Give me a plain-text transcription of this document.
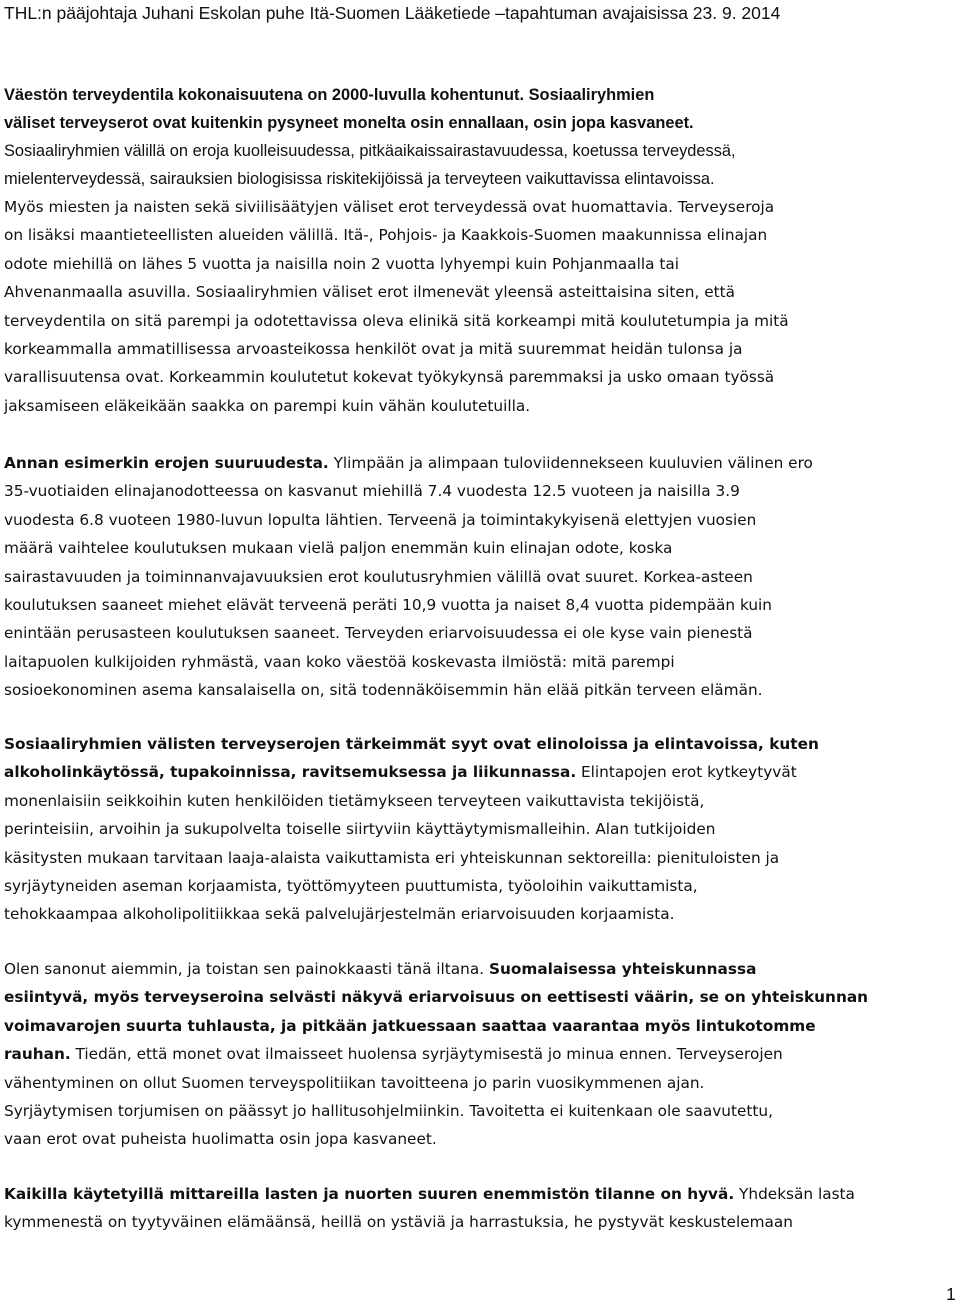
THL:n pääjohtaja Juhani Eskolan puhe Itä-Suomen Lääketiede –tapahtuman avajaisissa 23. 9. 2014
Väestön terveydentila kokonaisuutena on 2000-luvulla kohentunut. Sosiaaliryhmien
väliset terveyserot ovat kuitenkin pysyneet monelta osin ennallaan, osin jopa kasvaneet.
Sosiaaliryhmien välillä on eroja kuolleisuudessa, pitkäaikaissairastavuudessa, koetussa terveydessä,
mielenterveydessä, sairauksien biologisissa riskitekijöissä ja terveyteen vaikuttavissa elintavoissa.
Myös miesten ja naisten sekä siviilisäätyjen väliset erot terveydessä ovat huomattavia. Terveyseroja
on lisäksi maantieteellisten alueiden välillä. Itä-, Pohjois- ja Kaakkois-Suomen maakunnissa elinajan
odote miehillä on lähes 5 vuotta ja naisilla noin 2 vuotta lyhyempi kuin Pohjanmaalla tai
Ahvenanmaalla asuvilla. Sosiaaliryhmien väliset erot ilmenevät yleensä asteittaisina siten, että
terveydentila on sitä parempi ja odotettavissa oleva elinikä sitä korkeampi mitä koulutetumpia ja mitä
korkeammalla ammatillisessa arvoasteikossa henkilöt ovat ja mitä suuremmat heidän tulonsa ja
varallisuutensa ovat. Korkeammin koulutetut kokevat työkykynsä paremmaksi ja usko omaan työssä
jaksamiseen eläkeikään saakka on parempi kuin vähän koulutetuilla.
Annan esimerkin erojen suuruudesta. Ylimpään ja alimpaan tuloviidennekseen kuuluvien välinen ero
35-vuotiaiden elinajanodotteessa on kasvanut miehillä 7.4 vuodesta 12.5 vuoteen ja naisilla 3.9
vuodesta 6.8 vuoteen 1980-luvun lopulta lähtien. Terveenä ja toimintakykyisenä elettyjen vuosien
määrä vaihtelee koulutuksen mukaan vielä paljon enemmän kuin elinajan odote, koska
sairastavuuden ja toiminnanvajavuuksien erot koulutusryhmien välillä ovat suuret. Korkea-asteen
koulutuksen saaneet miehet elävät terveenä peräti 10,9 vuotta ja naiset 8,4 vuotta pidempään kuin
enintään perusasteen koulutuksen saaneet. Terveyden eriarvoisuudessa ei ole kyse vain pienestä
laitapuolen kulkijoiden ryhmästä, vaan koko väestöä koskevasta ilmiöstä: mitä parempi
sosioekonominen asema kansalaisella on, sitä todennäköisemmin hän elää pitkän terveen elämän.
Sosiaaliryhmien välisten terveyserojen tärkeimmät syyt ovat elinoloissa ja elintavoissa, kuten
alkoholinkäytössä, tupakoinnissa, ravitsemuksessa ja liikunnassa. Elintapojen erot kytkeytyvät
monenlaisiin seikkoihin kuten henkilöiden tietämykseen terveyteen vaikuttavista tekijöistä,
perinteisiin, arvoihin ja sukupolvelta toiselle siirtyviin käyttäytymismalleihin. Alan tutkijoiden
käsitysten mukaan tarvitaan laaja-alaista vaikuttamista eri yhteiskunnan sektoreilla: pienituloisten ja
syrjäytyneiden aseman korjaamista, työttömyyteen puuttumista, työoloihin vaikuttamista,
tehokkaampaa alkoholipolitiikkaa sekä palvelujärjestelmän eriarvoisuuden korjaamista.
Olen sanonut aiemmin, ja toistan sen painokkaasti tänä iltana. Suomalaisessa yhteiskunnassa
esiintyvä, myös terveyseroina selvästi näkyvä eriarvoisuus on eettisesti väärin, se on yhteiskunnan
voimavarojen suurta tuhlausta, ja pitkään jatkuessaan saattaa vaarantaa myös lintukotomme
rauhan. Tiedän, että monet ovat ilmaisseet huolensa syrjäytymisestä jo minua ennen. Terveyserojen
vähentyminen on ollut Suomen terveyspolitiikan tavoitteena jo parin vuosikymmenen ajan.
Syrjäytymisen torjumisen on päässyt jo hallitusohjelmiinkin. Tavoitetta ei kuitenkaan ole saavutettu,
vaan erot ovat puheista huolimatta osin jopa kasvaneet.
Kaikilla käytetyillä mittareilla lasten ja nuorten suuren enemmistön tilanne on hyvä. Yhdeksän lasta
kymmenestä on tyytyväinen elämäänsä, heillä on ystäviä ja harrastuksia, he pystyvät keskustelemaan
1
